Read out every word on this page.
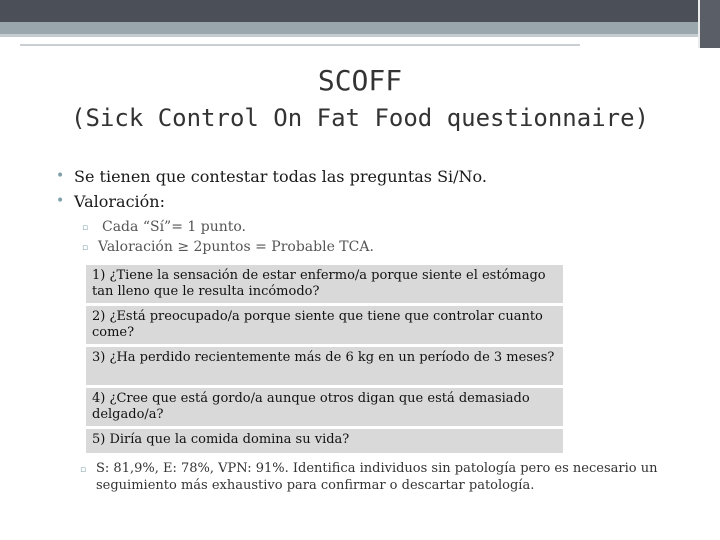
SCOFF
(Sick Control On Fat Food questionnaire)
• Se tienen que contestar todas las preguntas Si/No.
• Valoración:
▫ Cada “Sí”= 1 punto.
▫ Valoración ≥ 2puntos = Probable TCA.
1) ¿Tiene la sensación de estar enfermo/a porque siente el estómago tan lleno que le resulta incómodo?
2) ¿Está preocupado/a porque siente que tiene que controlar cuanto come?
3) ¿Ha perdido recientemente más de 6 kg en un período de 3 meses?
4) ¿Cree que está gordo/a aunque otros digan que está demasiado delgado/a?
5) Diría que la comida domina su vida?
▫ S: 81,9%, E: 78%, VPN: 91%. Identifica individuos sin patología pero es necesario un seguimiento más exhaustivo para confirmar o descartar patología.
